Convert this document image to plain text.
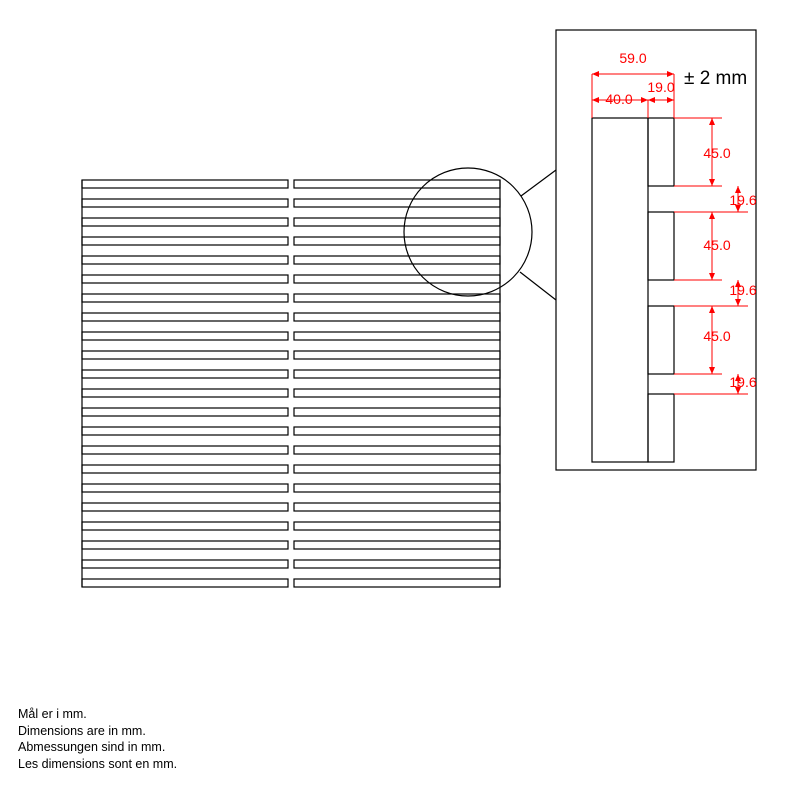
59.0
19.0
40.0
45.0
19.6
45.0
19.6
45.0
19.6
± 2 mm
Mål er i mm.
Dimensions are in mm.
Abmessungen sind in mm.
Les dimensions sont en mm.
